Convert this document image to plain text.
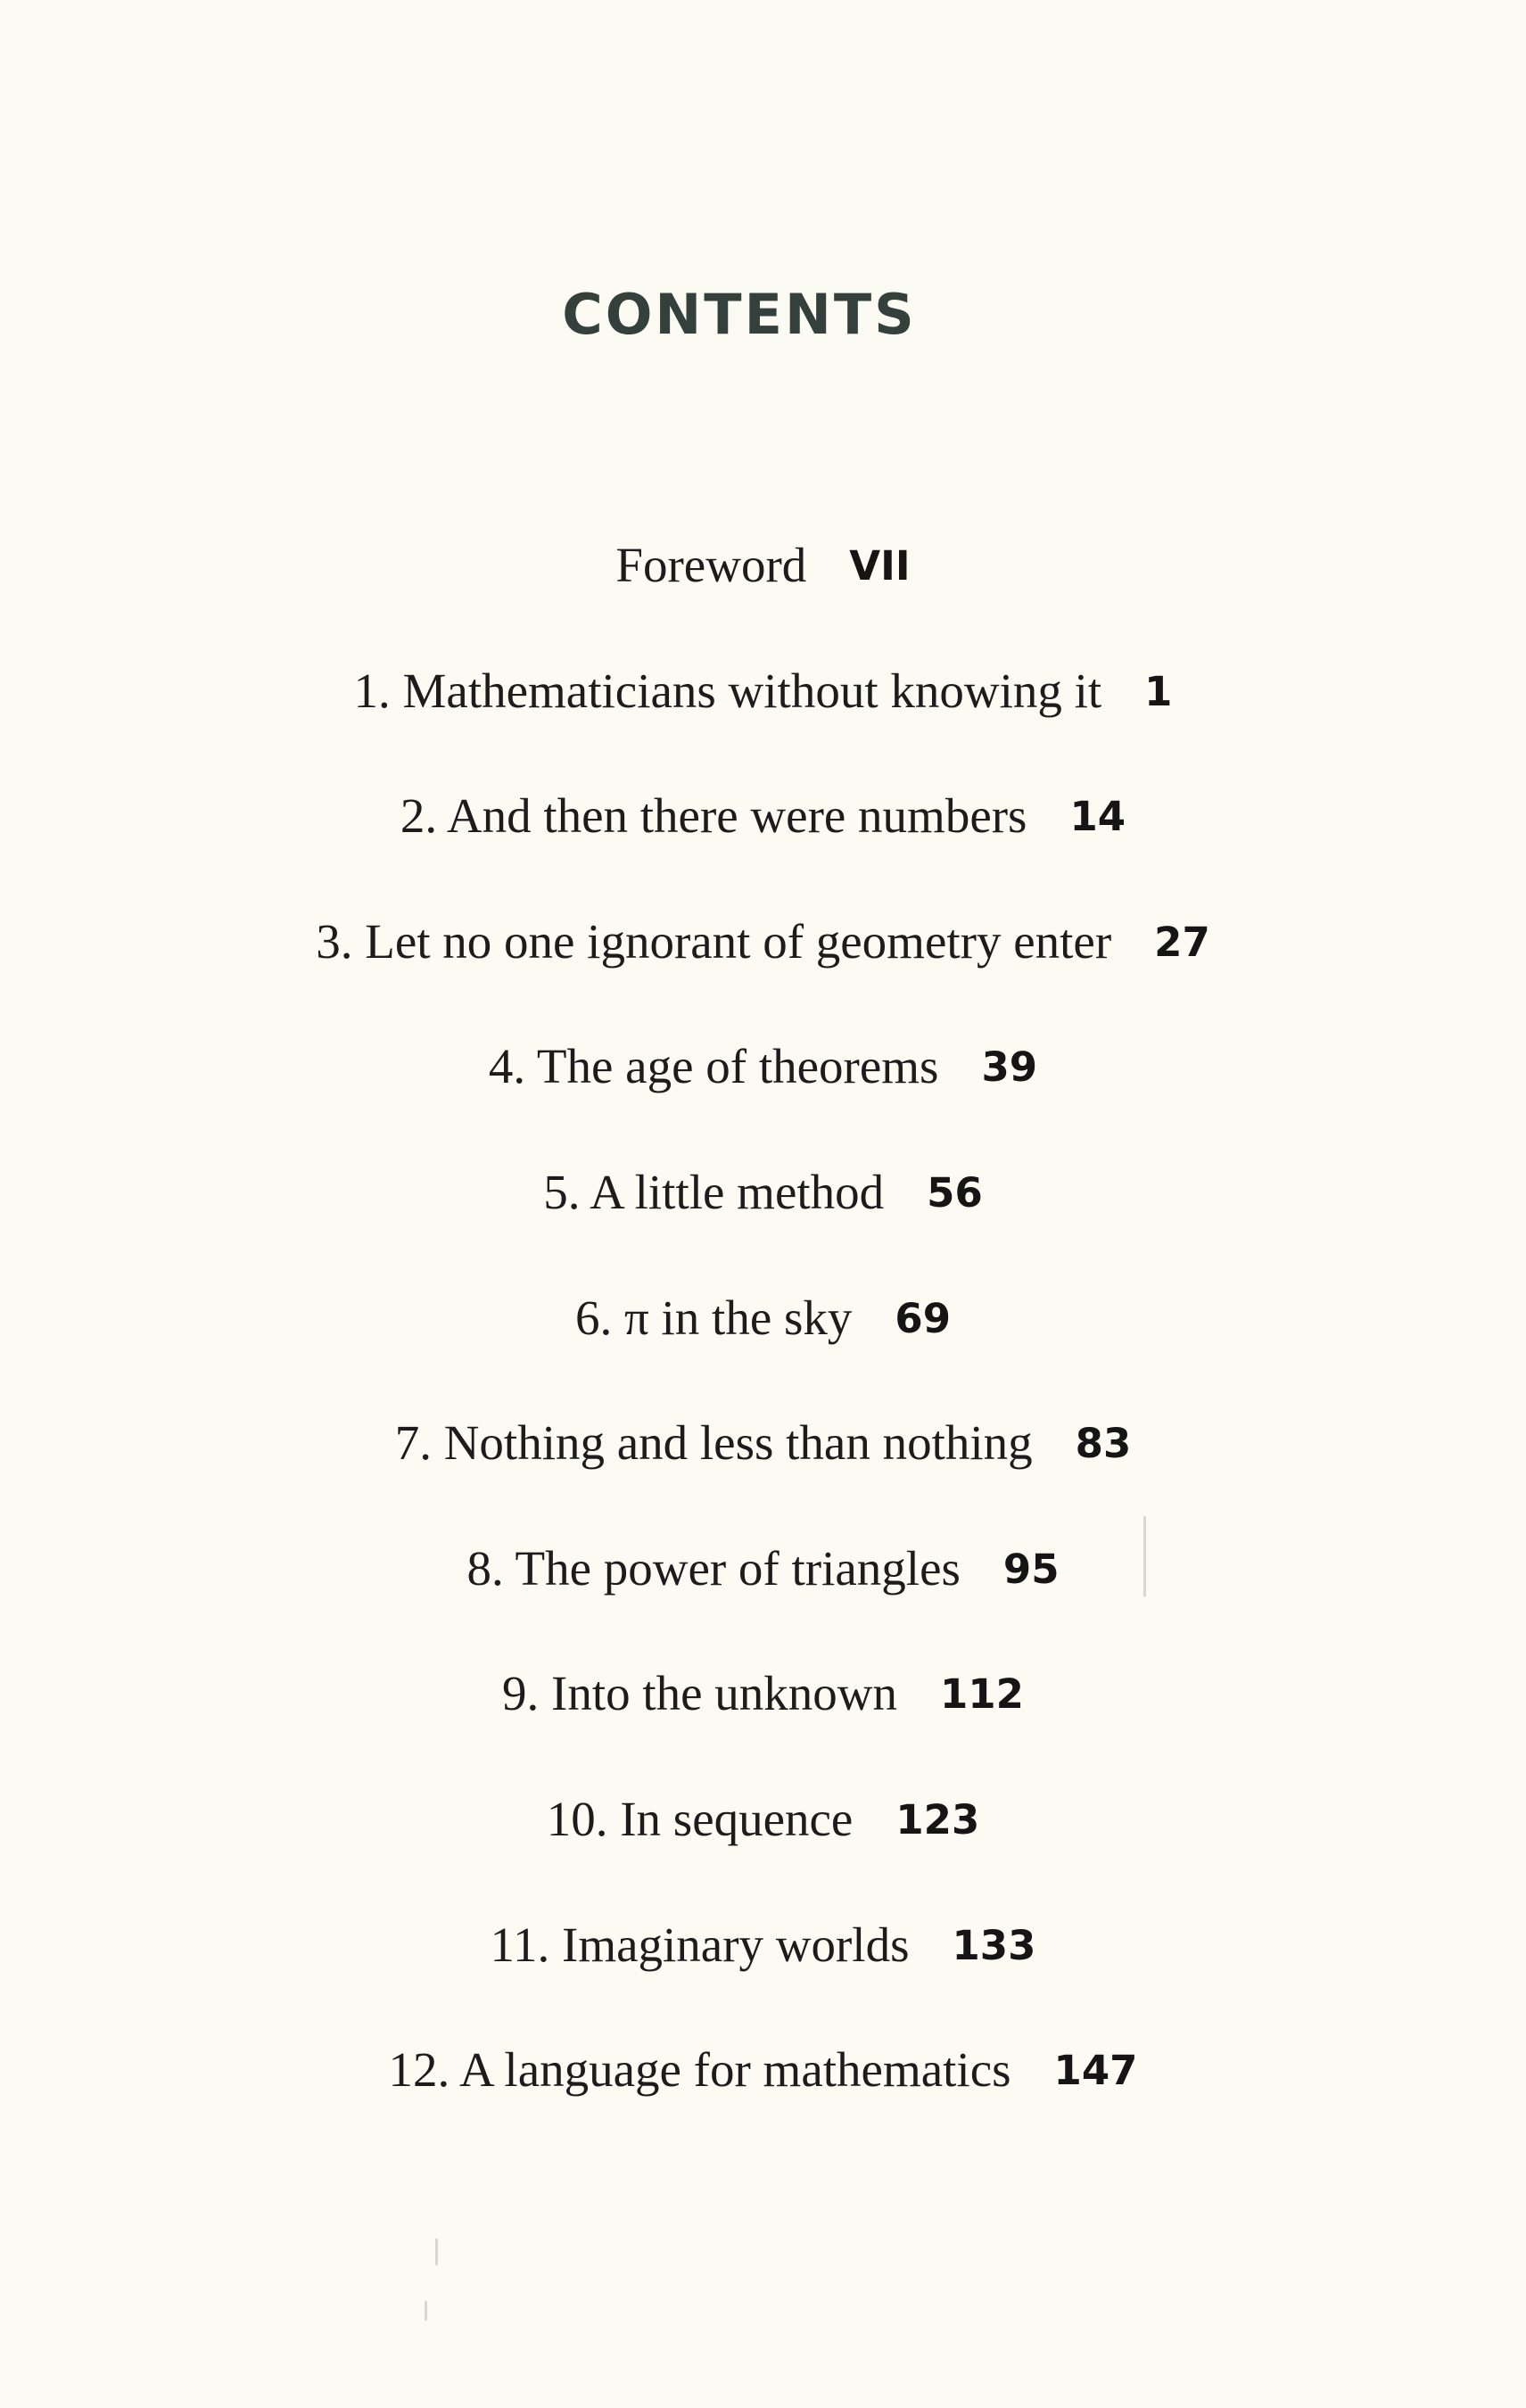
CONTENTS
Foreword VII
1. Mathematicians without knowing it 1
2. And then there were numbers 14
3. Let no one ignorant of geometry enter 27
4. The age of theorems 39
5. A little method 56
6. π in the sky 69
7. Nothing and less than nothing 83
8. The power of triangles 95
9. Into the unknown 112
10. In sequence 123
11. Imaginary worlds 133
12. A language for mathematics 147
